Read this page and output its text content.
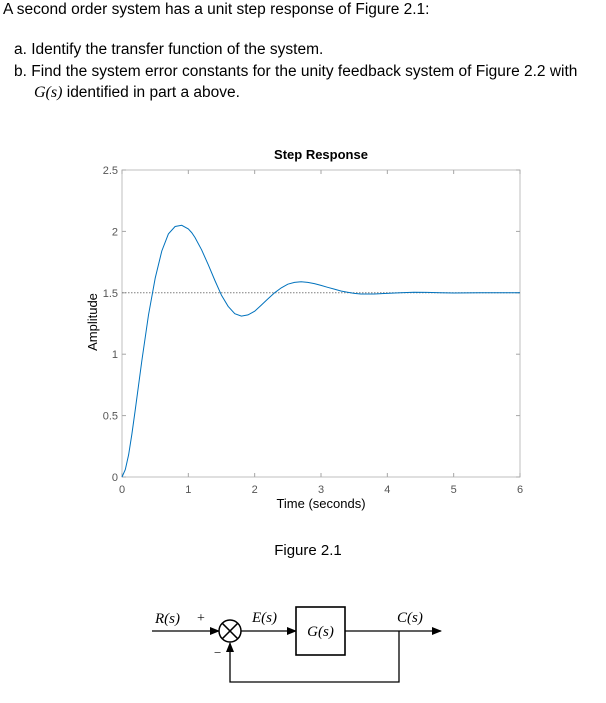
A second order system has a unit step response of Figure 2.1:
a. Identify the transfer function of the system.
b. Find the system error constants for the unity feedback system of Figure 2.2 with
G(s) identified in part a above.
0	1	2	3	4	5	6
0
0.5
1
1.5
2
2.5
Step Response
Time (seconds)
Amplitude
Figure 2.1
R(s) +
−
E(s)
G(s)
C(s)
